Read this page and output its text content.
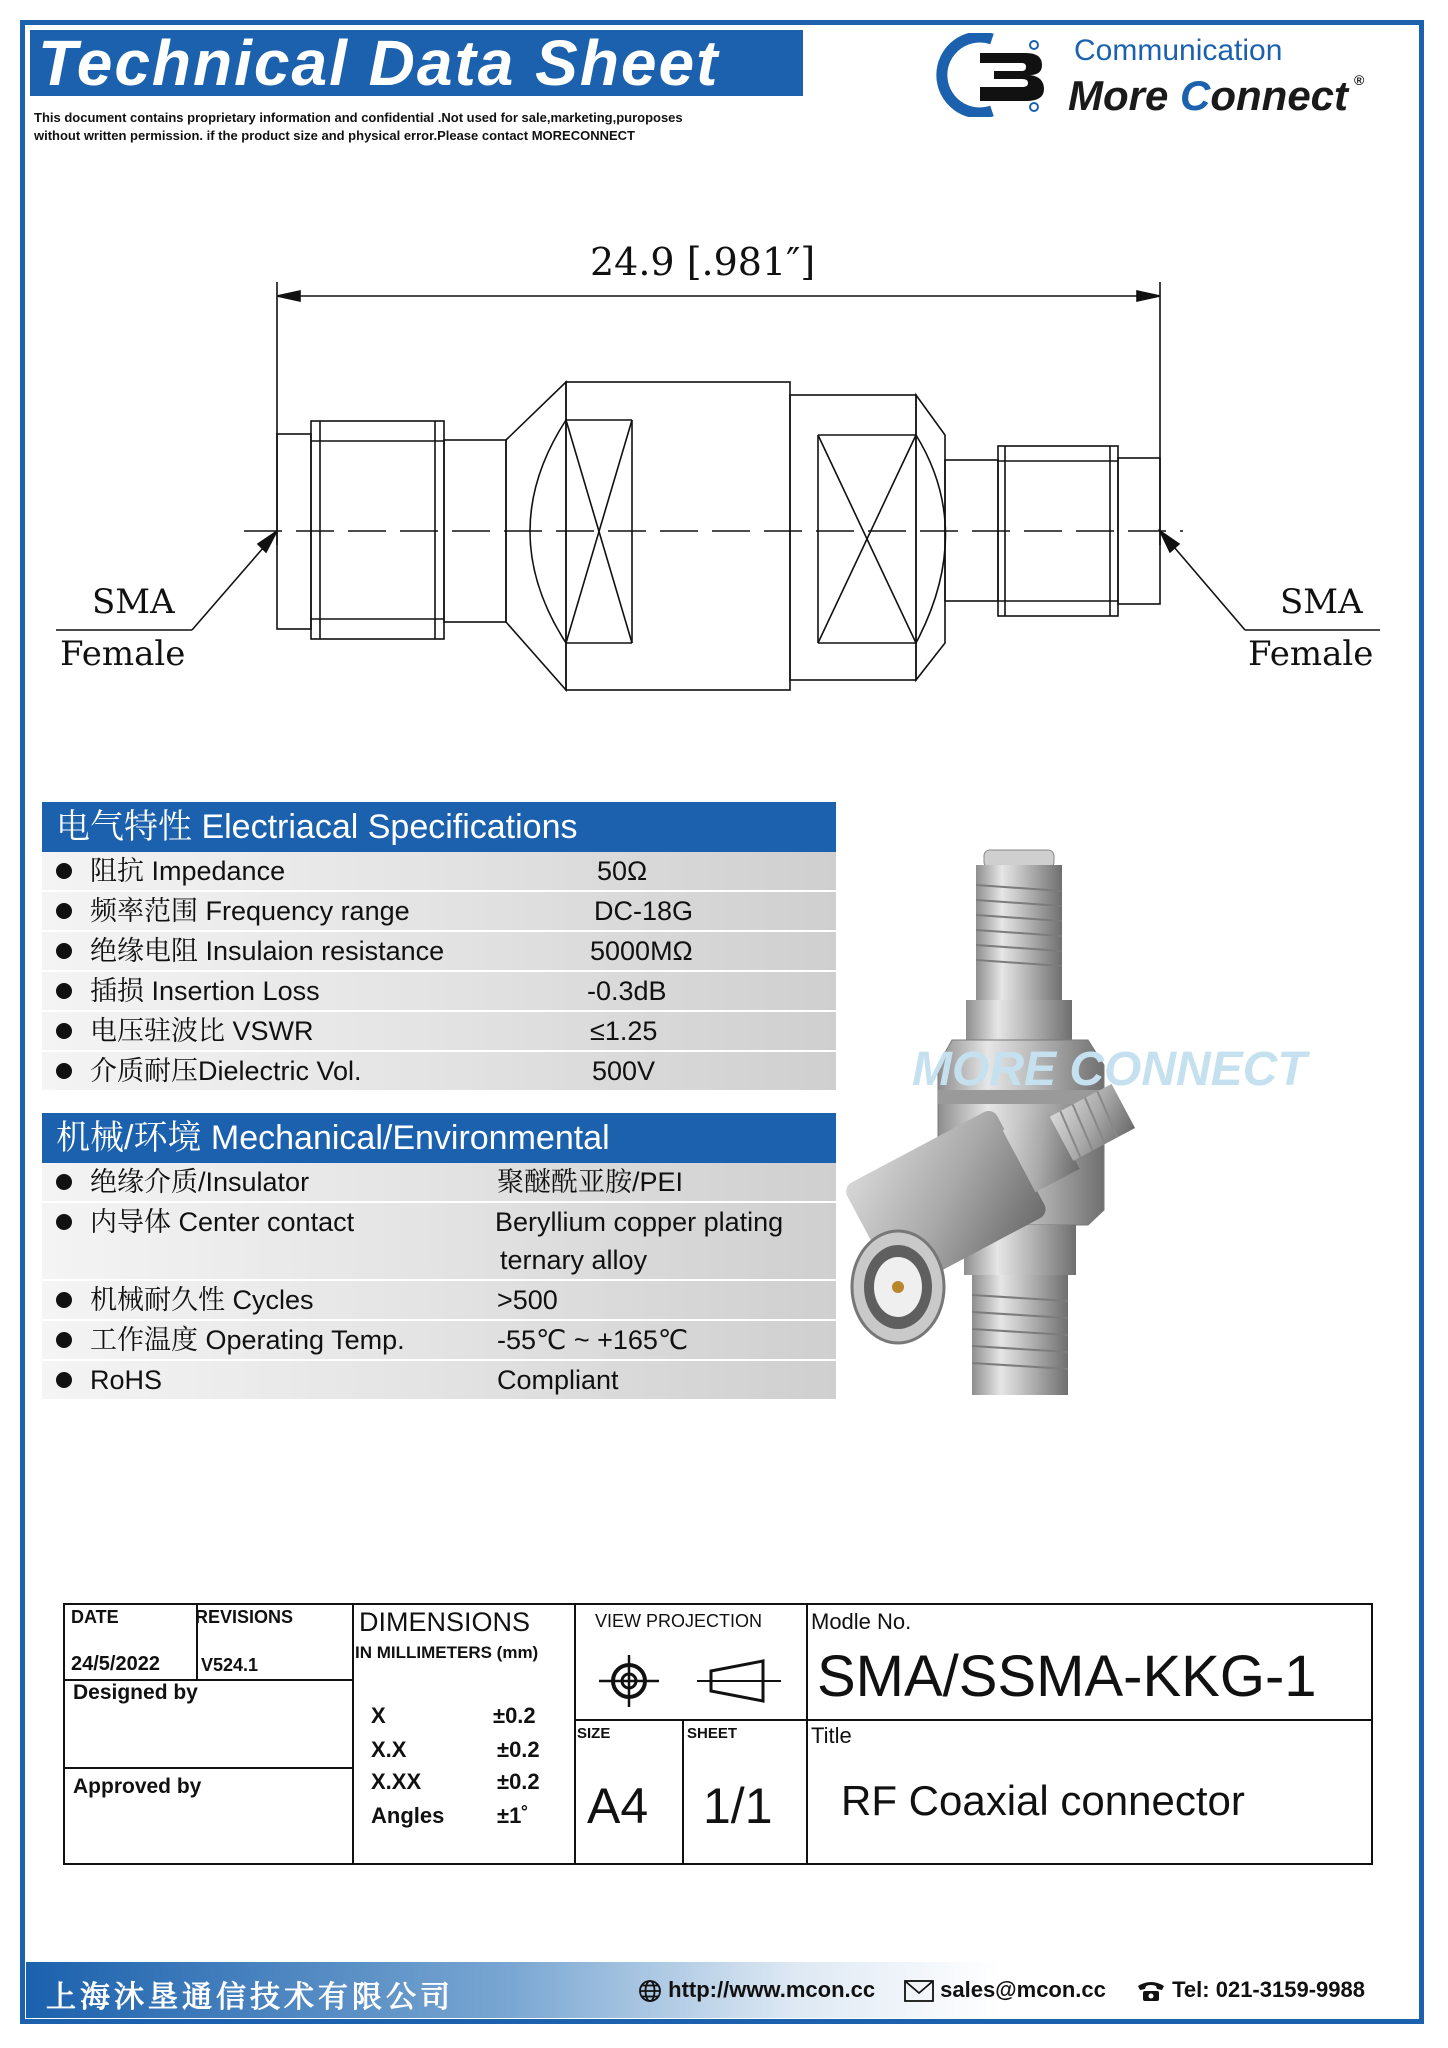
Technical Data Sheet
This document contains proprietary information and confidential .Not used for sale,marketing,puroposes
without written permission. if the product size and physical error.Please contact MORECONNECT
Communication
More Connect ®
24.9 [.981″]
SMA
Female
SMA
Female
电气特性 Electriacal Specifications
阻抗 Impedance	50Ω
频率范围 Frequency range	DC-18G
绝缘电阻 Insulaion resistance	5000MΩ
插损 Insertion Loss	-0.3dB
电压驻波比 VSWR	≤1.25
介质耐压Dielectric Vol.	500V
机械/环境 Mechanical/Environmental
绝缘介质/Insulator	聚醚酰亚胺/PEI
内导体 Center contact	Beryllium copper plating
ternary alloy
机械耐久性 Cycles	>500
工作温度 Operating Temp.	-55℃ ~ +165℃
RoHS	Compliant
MORE CONNECT
DATE
24/5/2022
REVISIONS
V524.1
Designed by
Approved by
DIMENSIONS
IN MILLIMETERS (mm)
X	±0.2
X.X	±0.2
X.XX	±0.2
Angles ±1˚
VIEW PROJECTION
SIZE
A4
SHEET
1/1
Modle No.
SMA/SSMA-KKG-1
Title
RF Coaxial connector
上海沐垦通信技术有限公司	http://www.mcon.cc	sales@mcon.cc	Tel: 021-3159-9988
